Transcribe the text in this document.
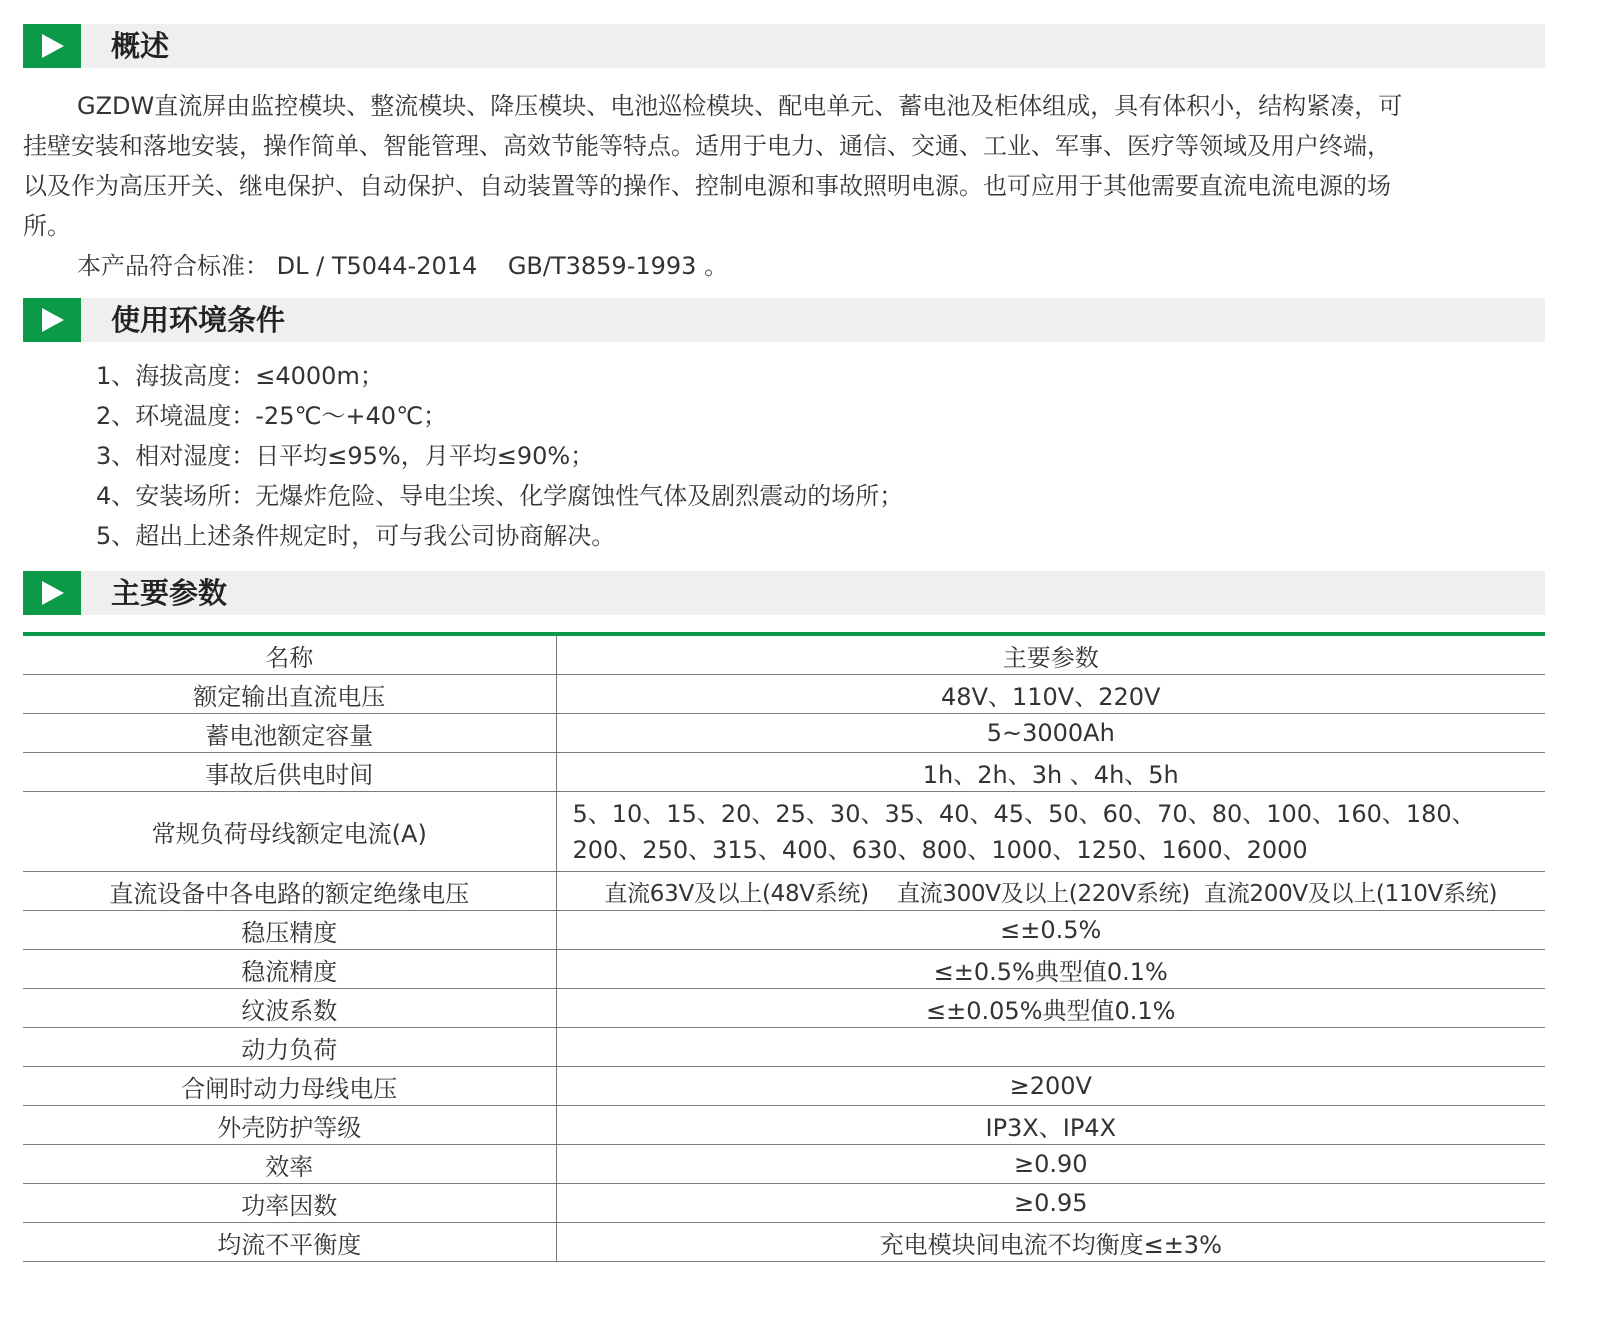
概述
GZDW直流屏由监控模块、整流模块、降压模块、电池巡检模块、配电单元、蓄电池及柜体组成，具有体积小，结构紧凑，可
挂壁安装和落地安装，操作简单、智能管理、高效节能等特点。适用于电力、通信、交通、工业、军事、医疗等领域及用户终端，
以及作为高压开关、继电保护、自动保护、自动装置等的操作、控制电源和事故照明电源。也可应用于其他需要直流电流电源的场
所。
本产品符合标准： DL / T5044-2014    GB/T3859-1993 。
使用环境条件
1、海拔高度：≤4000m；
2、环境温度：-25℃～+40℃；
3、相对湿度：日平均≤95%，月平均≤90%；
4、安装场所：无爆炸危险、导电尘埃、化学腐蚀性气体及剧烈震动的场所；
5、超出上述条件规定时，可与我公司协商解决。
主要参数
名称	主要参数
额定输出直流电压	48V、110V、220V
蓄电池额定容量	5~3000Ah
事故后供电时间	1h、2h、3h 、4h、5h
常规负荷母线额定电流(A)	5、10、15、20、25、30、35、40、45、50、60、70、80、100、160、180、200、250、315、400、630、800、1000、1250、1600、2000
直流设备中各电路的额定绝缘电压	直流63V及以上(48V系统)    直流300V及以上(220V系统)  直流200V及以上(110V系统)
稳压精度	≤±0.5%
稳流精度	≤±0.5%典型值0.1%
纹波系数	≤±0.05%典型值0.1%
动力负荷	
合闸时动力母线电压	≥200V
外壳防护等级	IP3X、IP4X
效率	≥0.90
功率因数	≥0.95
均流不平衡度	充电模块间电流不均衡度≤±3%
